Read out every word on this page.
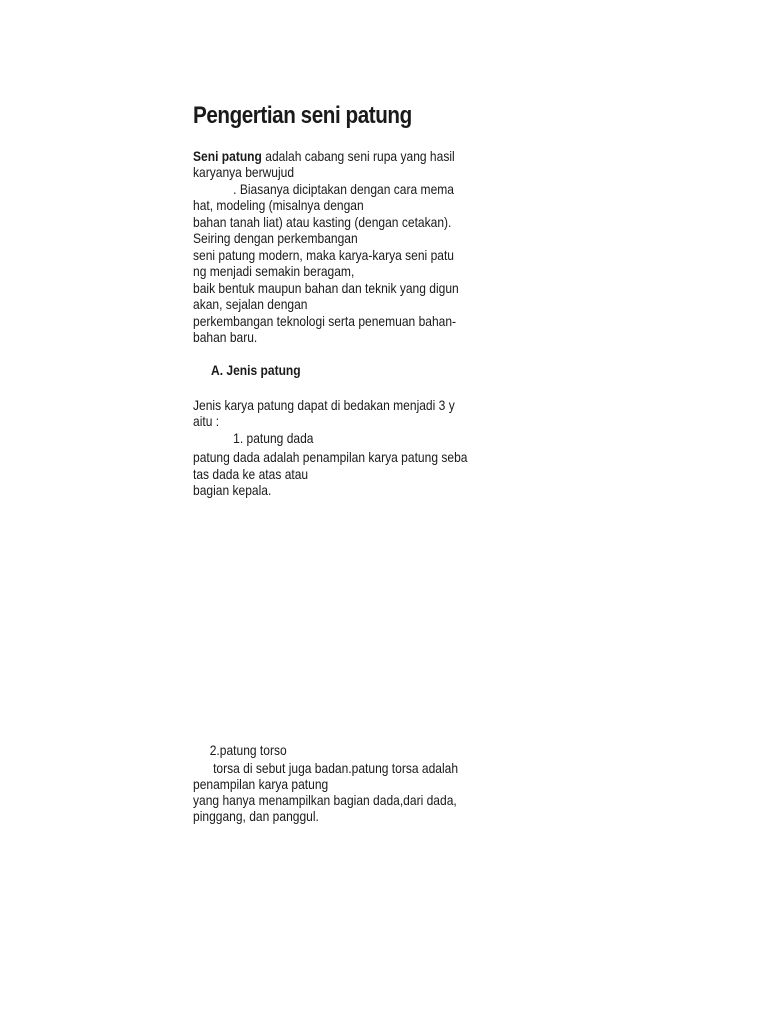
Pengertian seni patung
Seni patung adalah cabang seni rupa yang hasil
karyanya berwujud
. Biasanya diciptakan dengan cara mema
hat, modeling (misalnya dengan
bahan tanah liat) atau kasting (dengan cetakan).
Seiring dengan perkembangan
seni patung modern, maka karya-karya seni patu
ng menjadi semakin beragam,
baik bentuk maupun bahan dan teknik yang digun
akan, sejalan dengan
perkembangan teknologi serta penemuan bahan-
bahan baru.
A. Jenis patung
Jenis karya patung dapat di bedakan menjadi 3 y
aitu :
1. patung dada
patung dada adalah penampilan karya patung seba
tas dada ke atas atau
bagian kepala.
2.patung torso
torsa di sebut juga badan.patung torsa adalah
penampilan karya patung
yang hanya menampilkan bagian dada,dari dada,
pinggang, dan panggul.
